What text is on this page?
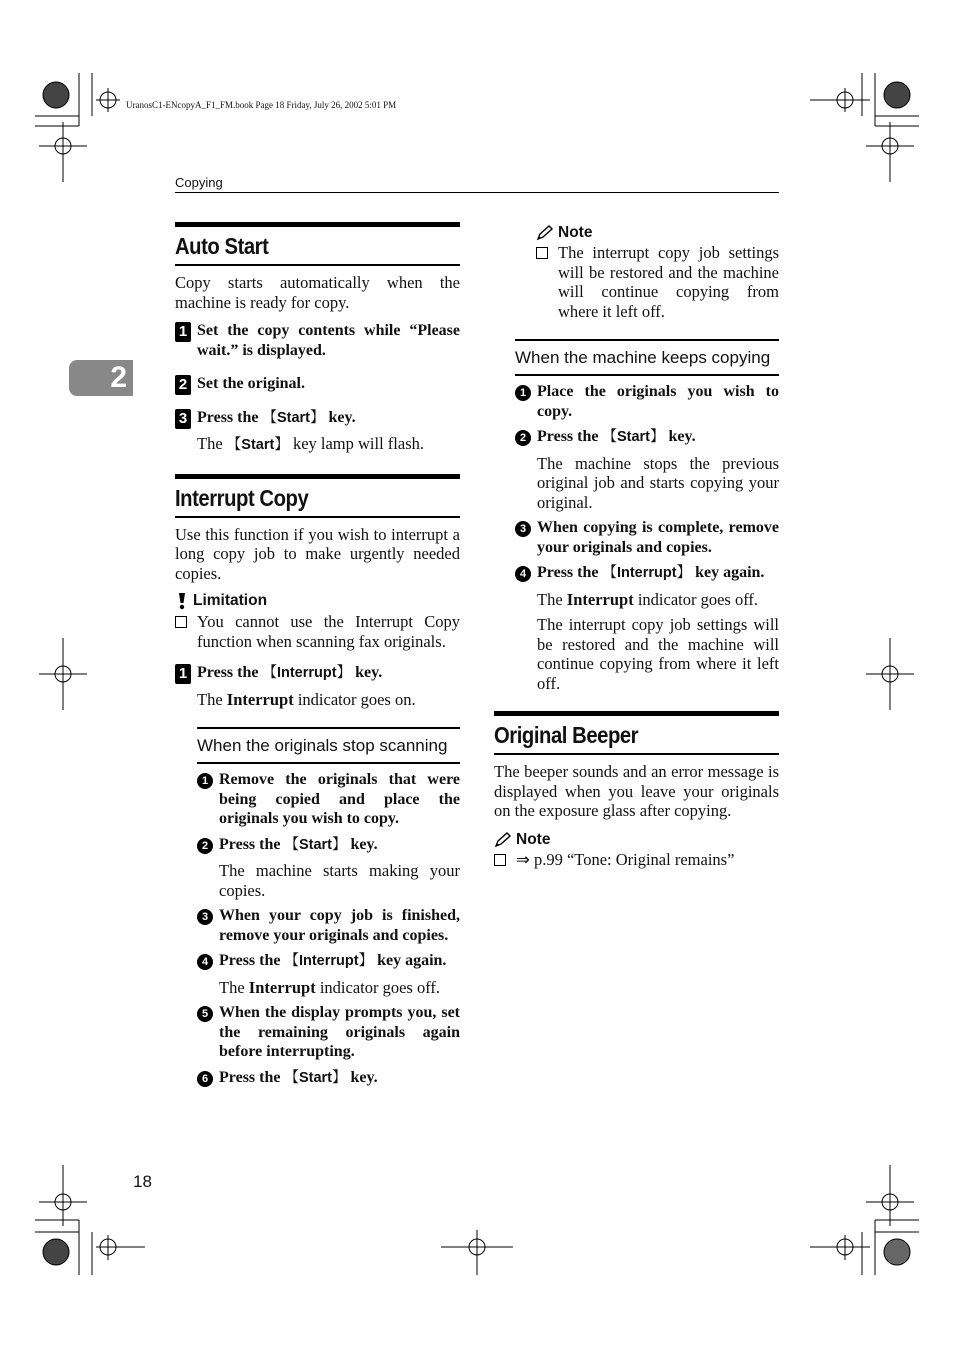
UranosC1-ENcopyA_F1_FM.book Page 18 Friday, July 26, 2002 5:01 PM
Copying
2
18
Auto Start

Copy starts automatically when the machine is ready for copy.

1 Set the copy contents while “Please wait.” is displayed.
2 Set the original.
3 Press the 【Start】 key.
The 【Start】 key lamp will flash.
Interrupt Copy

Use this function if you wish to interrupt a long copy job to make urgently needed copies.

Limitation
You cannot use the Interrupt Copy function when scanning fax originals.
1 Press the 【Interrupt】 key.
The Interrupt indicator goes on.
When the originals stop scanning
1 Remove the originals that were being copied and place the originals you wish to copy.
2 Press the 【Start】 key.
The machine starts making your copies.
3 When your copy job is finished, remove your originals and copies.
4 Press the 【Interrupt】 key again.
The Interrupt indicator goes off.
5 When the display prompts you, set the remaining originals again before interrupting.
6 Press the 【Start】 key.
Note
The interrupt copy job settings will be restored and the machine will continue copying from where it left off.
When the machine keeps copying
1 Place the originals you wish to copy.
2 Press the 【Start】 key.
The machine stops the previous original job and starts copying your original.
3 When copying is complete, remove your originals and copies.
4 Press the 【Interrupt】 key again.
The Interrupt indicator goes off.
The interrupt copy job settings will be restored and the machine will continue copying from where it left off.
Original Beeper

The beeper sounds and an error message is displayed when you leave your originals on the exposure glass after copying.

Note
⇒ p.99 “Tone: Original remains”
